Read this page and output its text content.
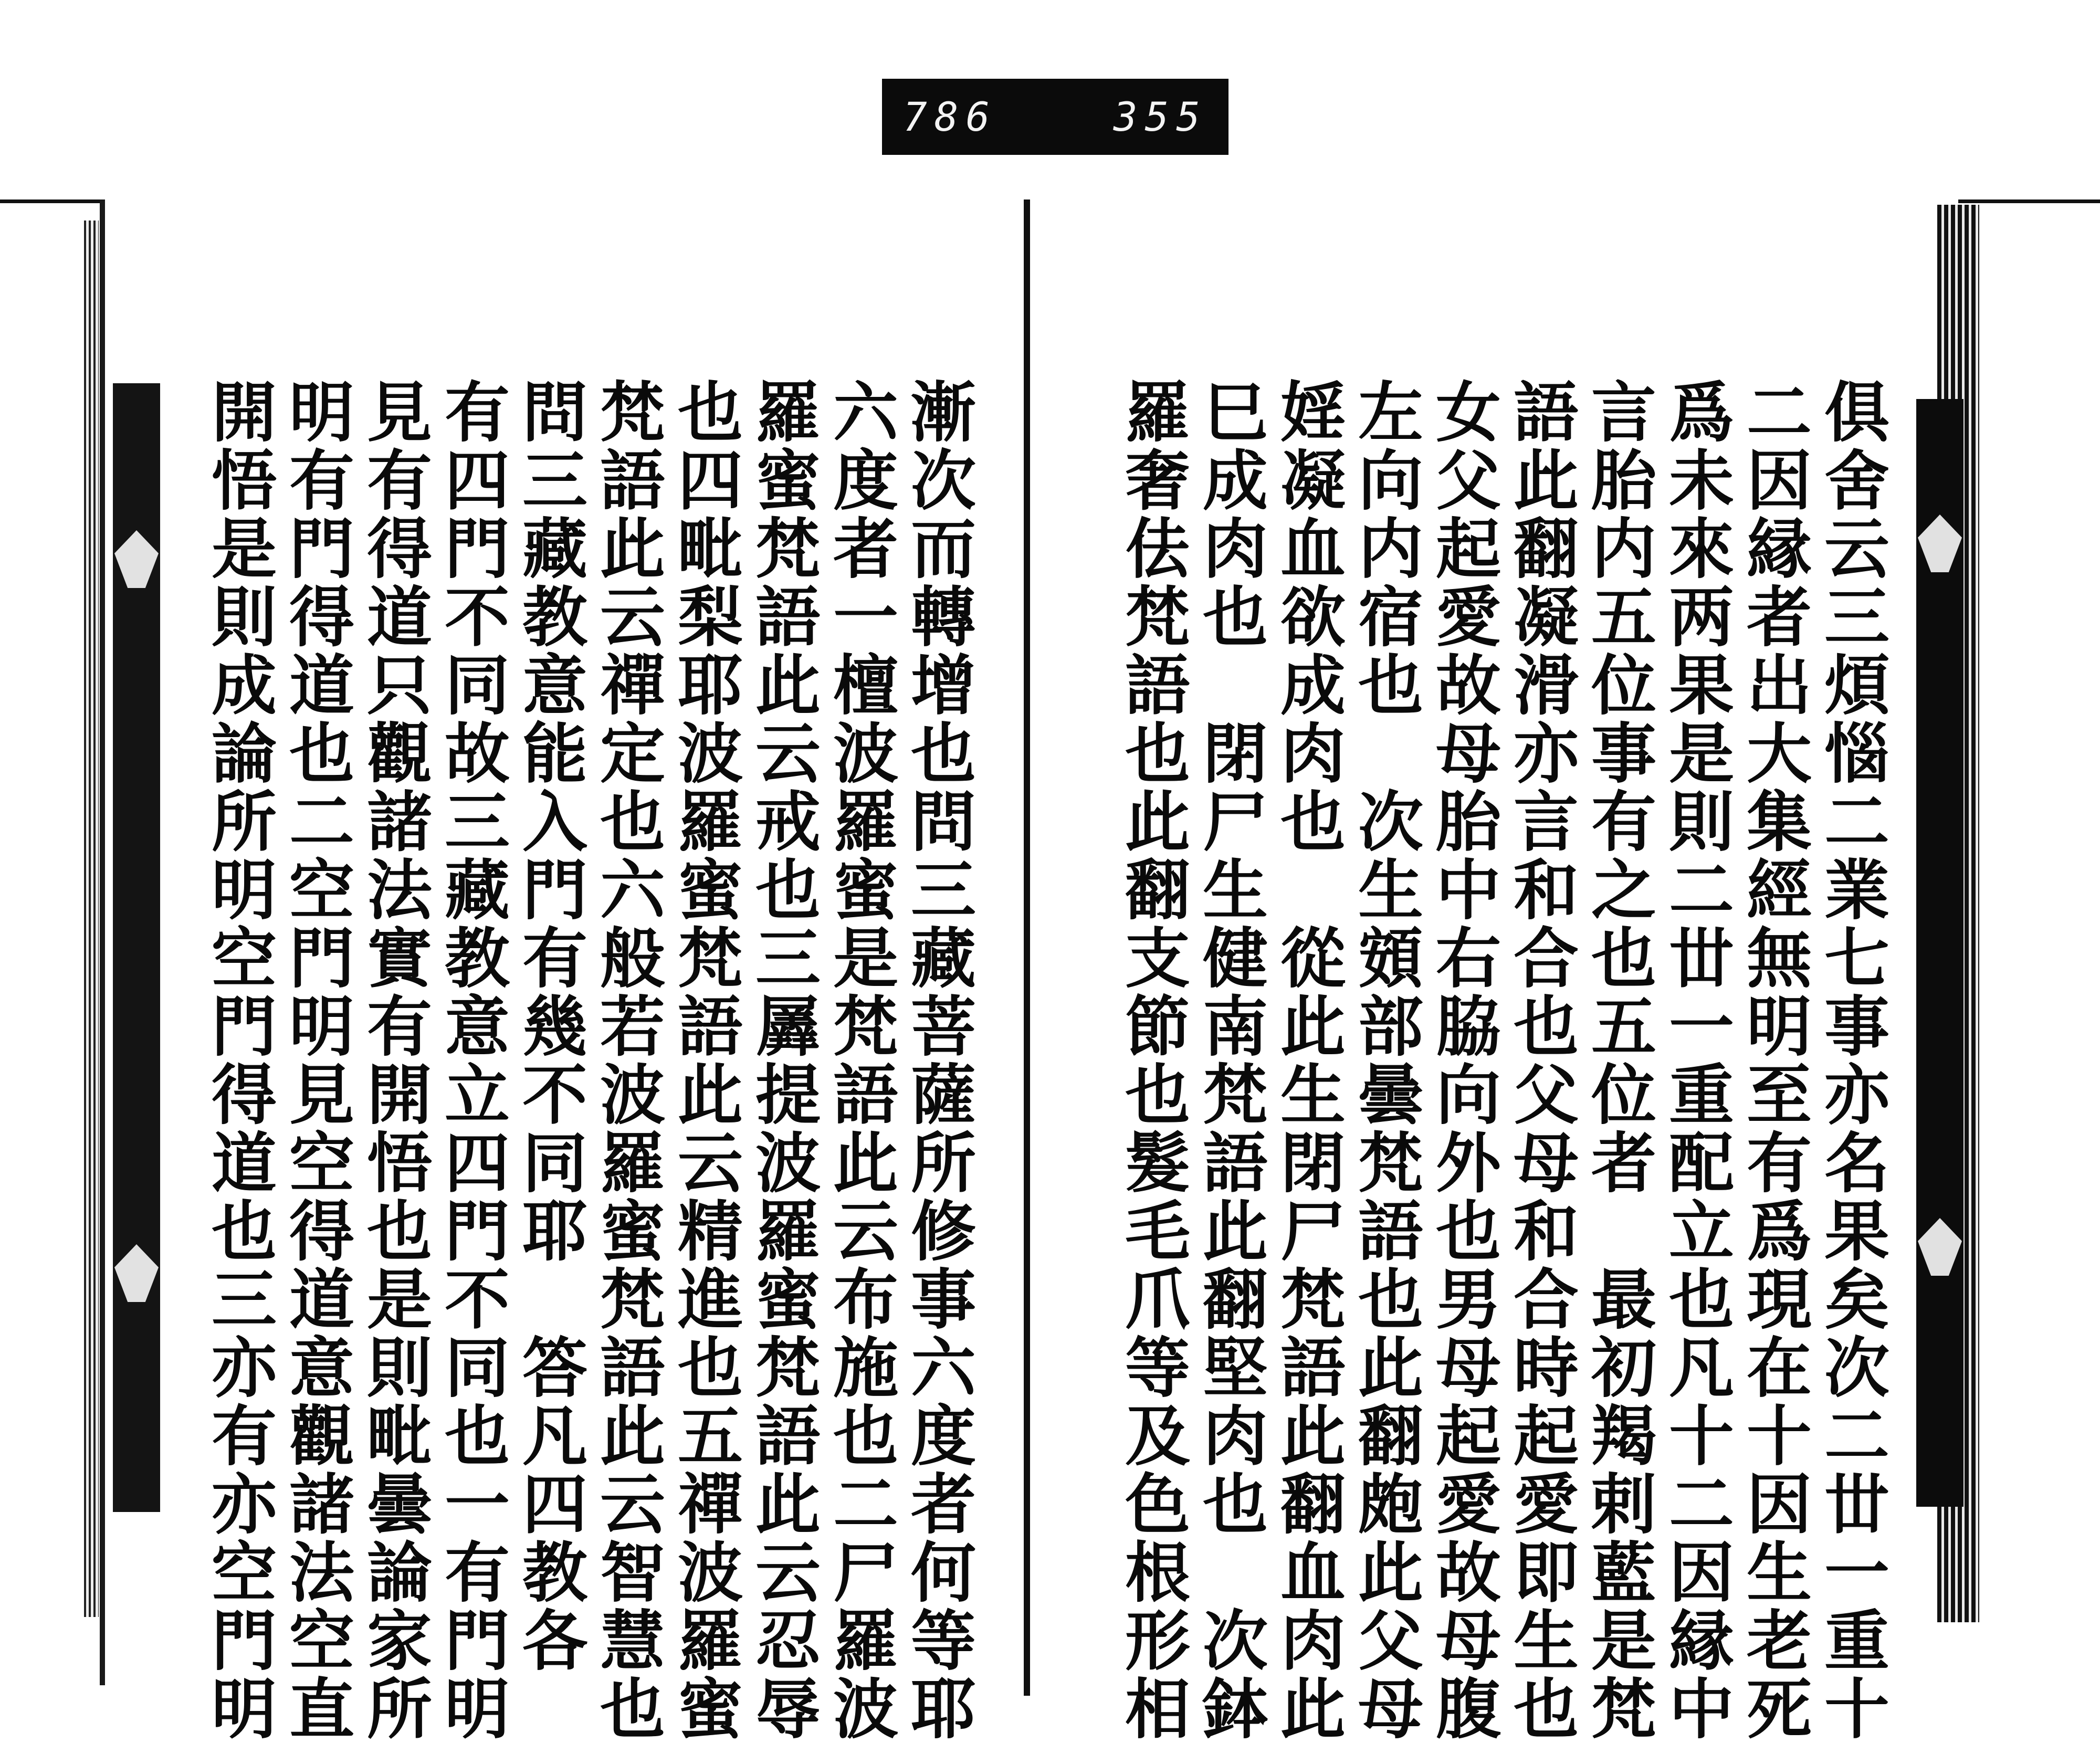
786	355
俱舍云三煩惱二業七事亦名果矣次二丗一重十
二因縁者出大集經無明至有爲現在十因生老死
爲未來两果是則二丗一重配立也凡十二因縁中
言胎内五位事有之也五位者　最初羯剌藍是梵
語此翻凝滑亦言和合也父母和合時起愛即生也
女父起愛故母胎中右脇向外也男母起愛故母腹
左向内宿也　次生頞部曇梵語也此翻皰此父母
婬凝血欲成肉也　從此生閉尸梵語此翻血肉此
巳成肉也　閉尸生健南梵語此翻堅肉也　次鉢
羅奢佉梵語也此翻支節也髮毛爪等及色根形相
漸次而轉增也問三藏菩薩所修事六度者何等耶
六度者一檀波羅蜜是梵語此云布施也二尸羅波
羅蜜梵語此云戒也三羼提波羅蜜梵語此云忍辱
也四毗梨耶波羅蜜梵語此云精進也五禪波羅蜜
梵語此云禪定也六般若波羅蜜梵語此云智慧也
問三藏教意能入門有幾不同耶　答凡四教各
有四門不同故三藏教意立四門不同也一有門明
見有得道只觀諸法實有開悟也是則毗曇論家所
明有門得道也二空門明見空得道意觀諸法空直
開悟是則成論所明空門得道也三亦有亦空門明
